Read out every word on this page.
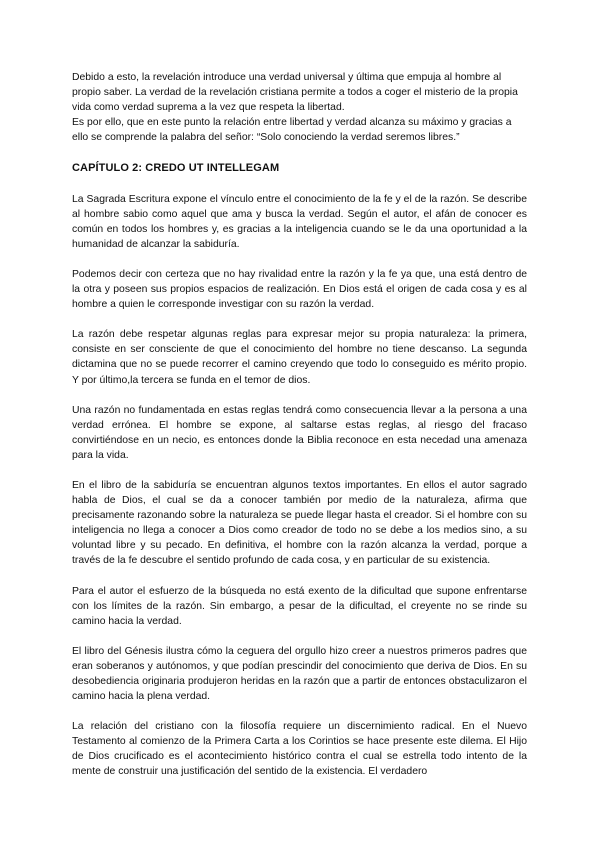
Debido a esto, la revelación introduce una verdad universal y última que empuja al hombre al propio saber. La verdad de la revelación cristiana permite a todos a coger el misterio de la propia vida como verdad suprema a la vez que respeta la libertad.

Es por ello, que en este punto la relación entre libertad y verdad alcanza su máximo y gracias a ello se comprende la palabra del señor: “Solo conociendo la verdad seremos libres.”

CAPÍTULO 2: CREDO UT INTELLEGAM

La Sagrada Escritura expone el vínculo entre el conocimiento de la fe y el de la razón. Se describe al hombre sabio como aquel que ama y busca la verdad. Según el autor, el afán de conocer es común en todos los hombres y, es gracias a la inteligencia cuando se le da una oportunidad a la humanidad de alcanzar la sabiduría.

Podemos decir con certeza que no hay rivalidad entre la razón y la fe ya que, una está dentro de la otra y poseen sus propios espacios de realización. En Dios está el origen de cada cosa y es al hombre a quien le corresponde investigar con su razón la verdad.

La razón debe respetar algunas reglas para expresar mejor su propia naturaleza: la primera, consiste en ser consciente de que el conocimiento del hombre no tiene descanso. La segunda dictamina que no se puede recorrer el camino creyendo que todo lo conseguido es mérito propio. Y por último,la tercera se funda en el temor de dios.

Una razón no fundamentada en estas reglas tendrá como consecuencia llevar a la persona a una verdad errónea. El hombre se expone, al saltarse estas reglas, al riesgo del fracaso convirtiéndose en un necio, es entonces donde la Biblia reconoce en esta necedad una amenaza para la vida.

En el libro de la sabiduría se encuentran algunos textos importantes. En ellos el autor sagrado habla de Dios, el cual se da a conocer también por medio de la naturaleza, afirma que precisamente razonando sobre la naturaleza se puede llegar hasta el creador. Si el hombre con su inteligencia no llega a conocer a Dios como creador de todo no se debe a los medios sino, a su voluntad libre y su pecado. En definitiva, el hombre con la razón alcanza la verdad, porque a través de la fe descubre el sentido profundo de cada cosa, y en particular de su existencia.

Para el autor el esfuerzo de la búsqueda no está exento de la dificultad que supone enfrentarse con los límites de la razón. Sin embargo, a pesar de la dificultad, el creyente no se rinde su camino hacia la verdad.

El libro del Génesis ilustra cómo la ceguera del orgullo hizo creer a nuestros primeros padres que eran soberanos y autónomos, y que podían prescindir del conocimiento que deriva de Dios. En su desobediencia originaria produjeron heridas en la razón que a partir de entonces obstaculizaron el camino hacia la plena verdad.

La relación del cristiano con la filosofía requiere un discernimiento radical. En el Nuevo Testamento al comienzo de la Primera Carta a los Corintios se hace presente este dilema. El Hijo de Dios crucificado es el acontecimiento histórico contra el cual se estrella todo intento de la mente de construir una justificación del sentido de la existencia. El verdadero
